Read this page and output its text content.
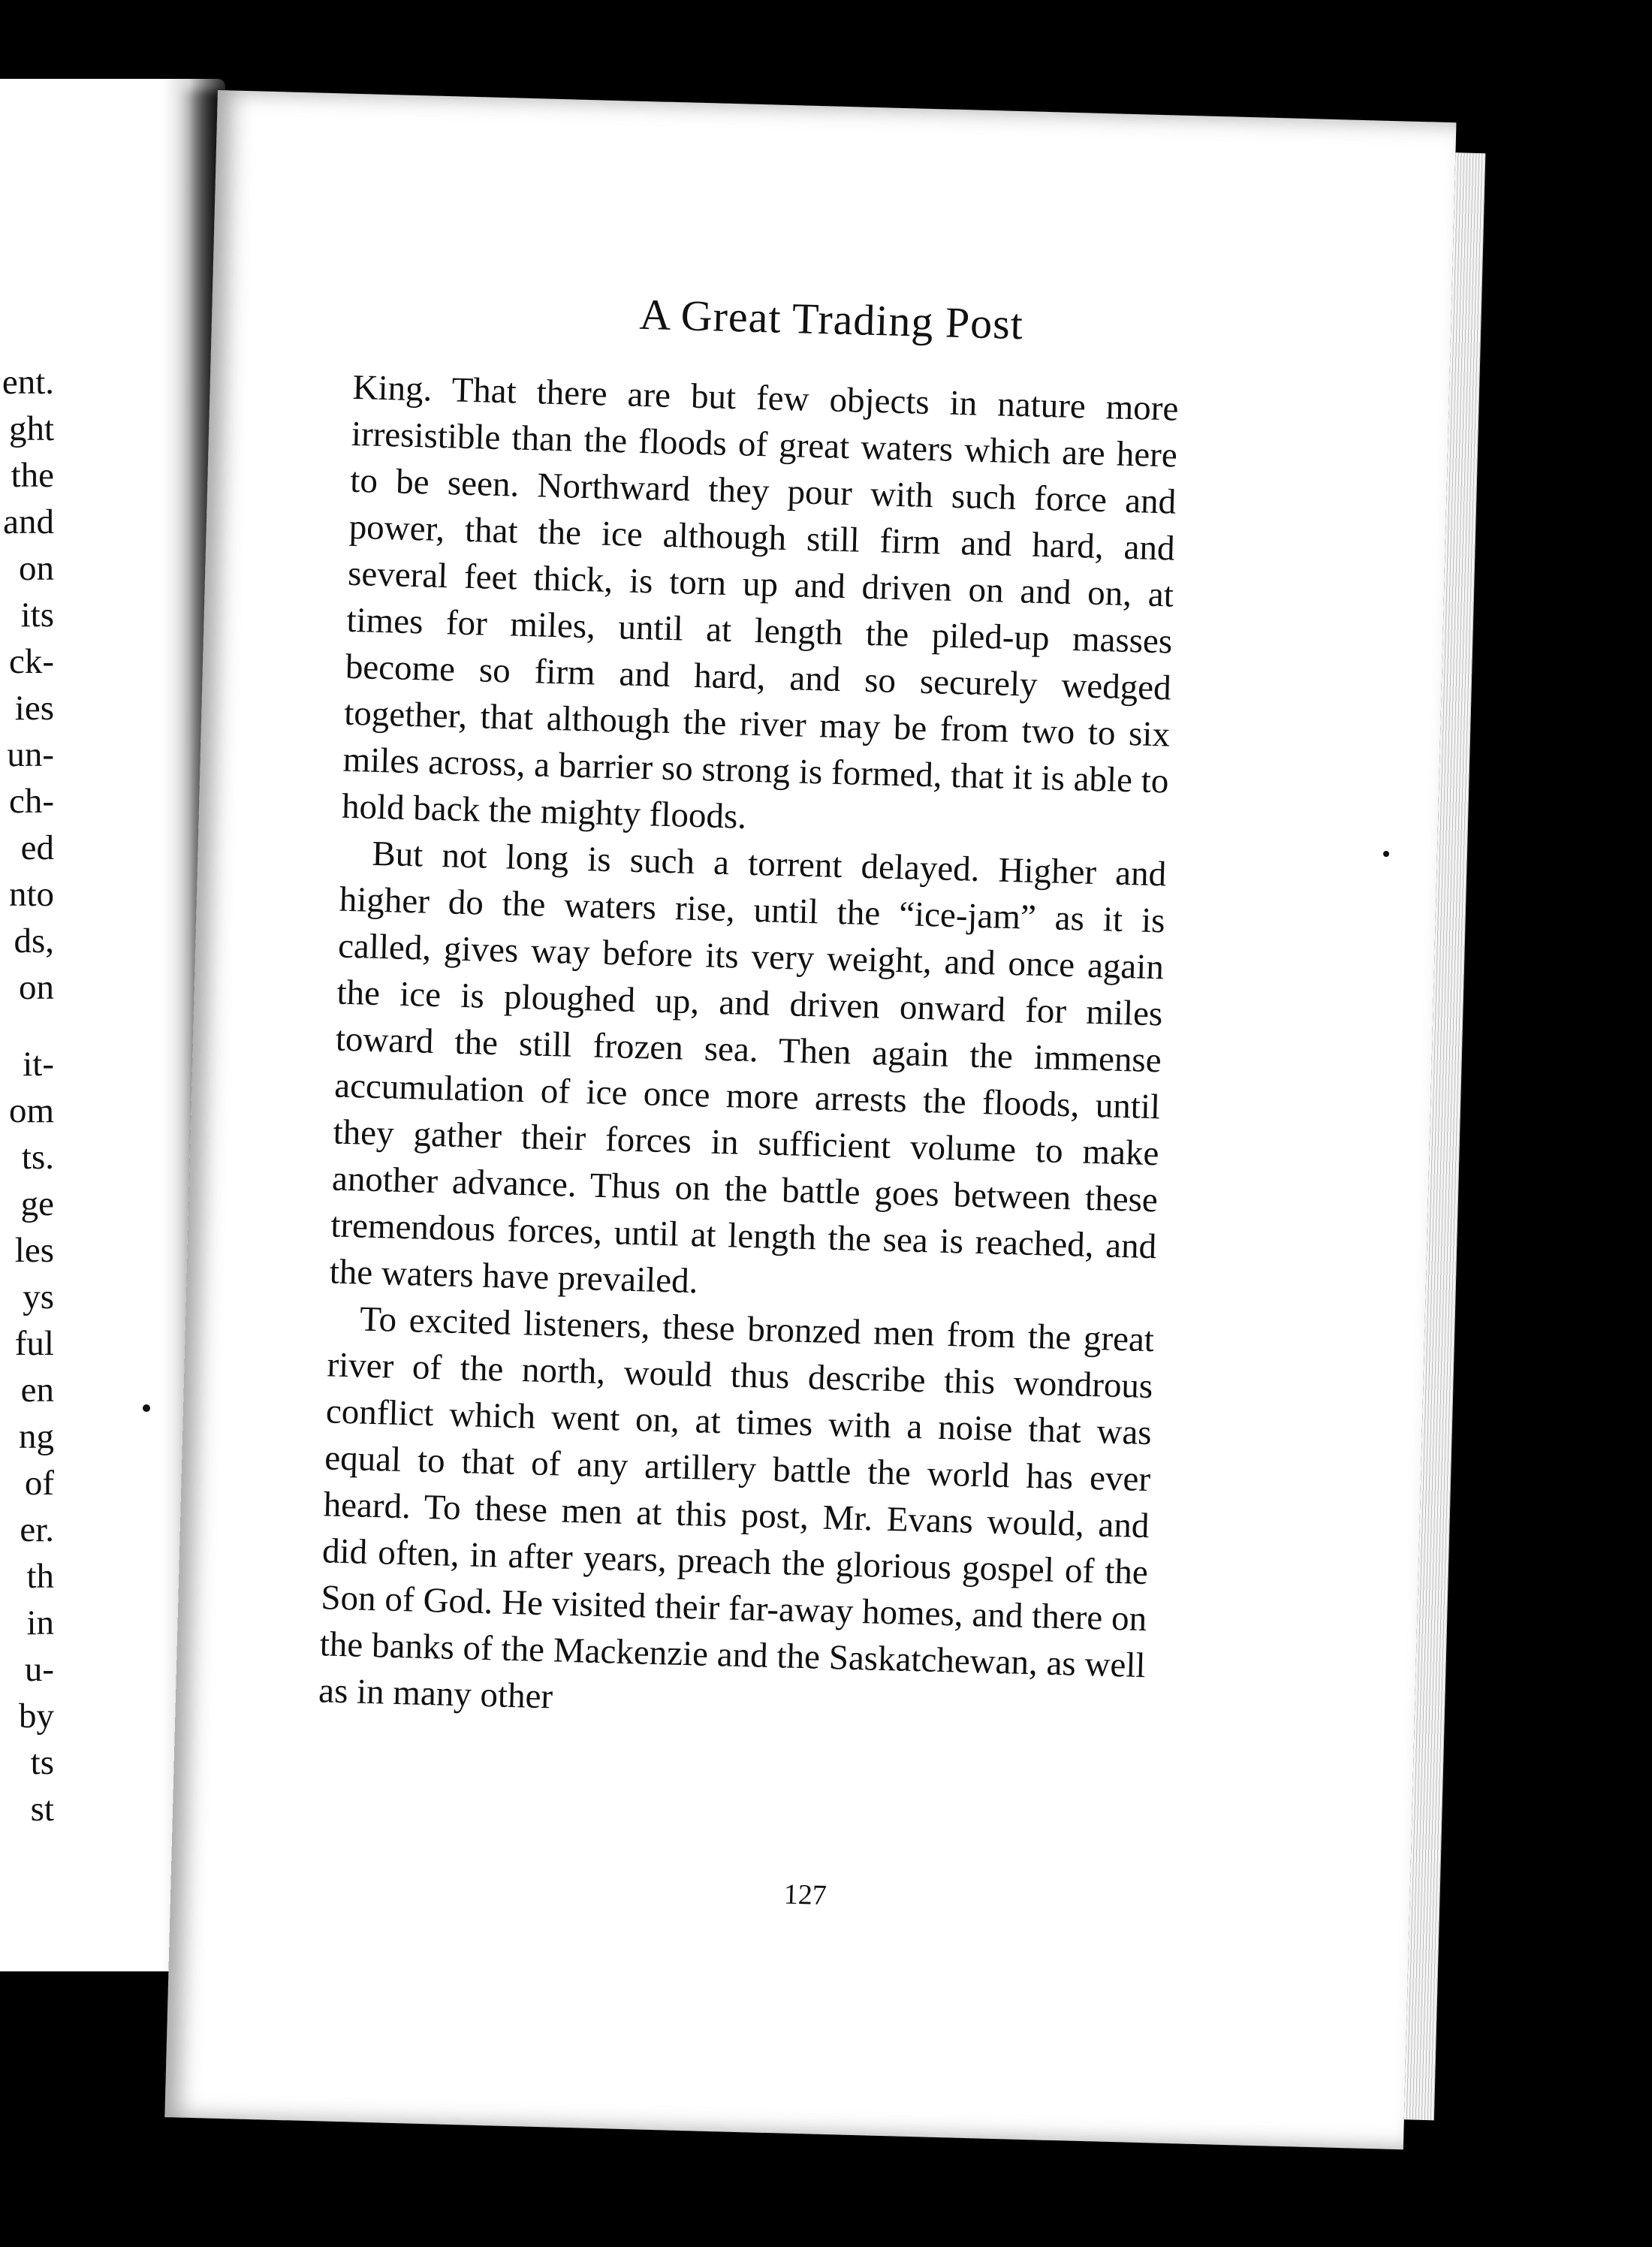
ent.
ght
the
and
on
its
ck-
ies
un-
ch-
ed
nto
ds,
on
it-
om
ts.
ge
les
ys
ful
en
ng
of
er.
th
in
u-
by
ts
st
A Great Trading Post

King. That there are but few objects in nature more irresistible than the floods of great waters which are here to be seen. Northward they pour with such force and power, that the ice although still firm and hard, and several feet thick, is torn up and driven on and on, at times for miles, until at length the piled-up masses become so firm and hard, and so securely wedged together, that although the river may be from two to six miles across, a barrier so strong is formed, that it is able to hold back the mighty floods.

But not long is such a torrent delayed. Higher and higher do the waters rise, until the “ice-jam” as it is called, gives way before its very weight, and once again the ice is ploughed up, and driven onward for miles toward the still frozen sea. Then again the immense accumulation of ice once more arrests the floods, until they gather their forces in sufficient volume to make another advance. Thus on the battle goes between these tremendous forces, until at length the sea is reached, and the waters have prevailed.

To excited listeners, these bronzed men from the great river of the north, would thus describe this wondrous conflict which went on, at times with a noise that was equal to that of any artillery battle the world has ever heard. To these men at this post, Mr. Evans would, and did often, in after years, preach the glorious gospel of the Son of God. He visited their far-away homes, and there on the banks of the Mackenzie and the Saskatchewan, as well as in many other

127
